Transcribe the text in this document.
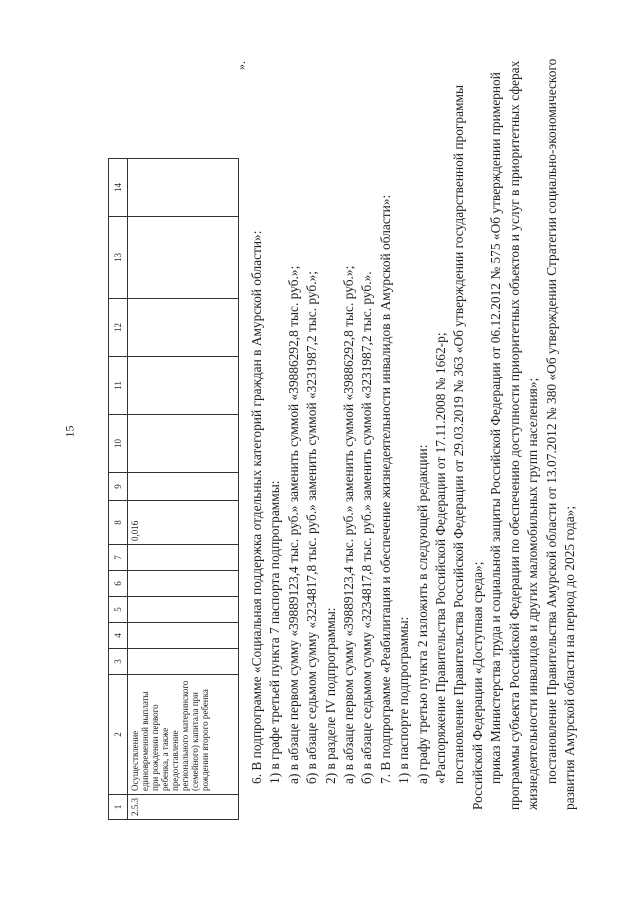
15
1	2	3	4	5	6	7	8	9	10	11	12	13	14
2.5.3	Осуществление единовременной выплаты при рождении первого ребенка, а также предоставление регионального материнского (семейного) капитала при рождении второго ребенка						0,016						
».

6. В подпрограмме «Социальная поддержка отдельных категорий граждан в Амурской области»: 1) в графе третьей пункта 7 паспорта подпрограммы: а) в абзаце первом сумму «39889123,4 тыс. руб.» заменить суммой «39886292,8 тыс. руб.»; б) в абзаце седьмом сумму «3234817,8 тыс. руб.» заменить суммой «3231987,2 тыс. руб.»; 2) в разделе IV подпрограммы: а) в абзаце первом сумму «39889123,4 тыс. руб.» заменить суммой «39886292,8 тыс. руб.»; б) в абзаце седьмом сумму «3234817,8 тыс. руб.» заменить суммой «3231987,2 тыс. руб.». 7. В подпрограмме «Реабилитация и обеспечение жизнедеятельности инвалидов в Амурской области»: 1) в паспорте подпрограммы: а) графу третью пункта 2 изложить в следующей редакции: «Распоряжение Правительства Российской Федерации от 17.11.2008 № 1662-р; постановление Правительства Российской Федерации от 29.03.2019 № 363 «Об утверждении государственной программы Российской Федерации «Доступная среда»; приказ Министерства труда и социальной защиты Российской Федерации от 06.12.2012 № 575 «Об утверждении примерной программы субъекта Российской Федерации по обеспечению доступности приоритетных объектов и услуг в приоритетных сферах жизнедеятельности инвалидов и других маломобильных групп населения»; постановление Правительства Амурской области от 13.07.2012 № 380 «Об утверждении Стратегии социально-экономического развития Амурской области на период до 2025 года»;
